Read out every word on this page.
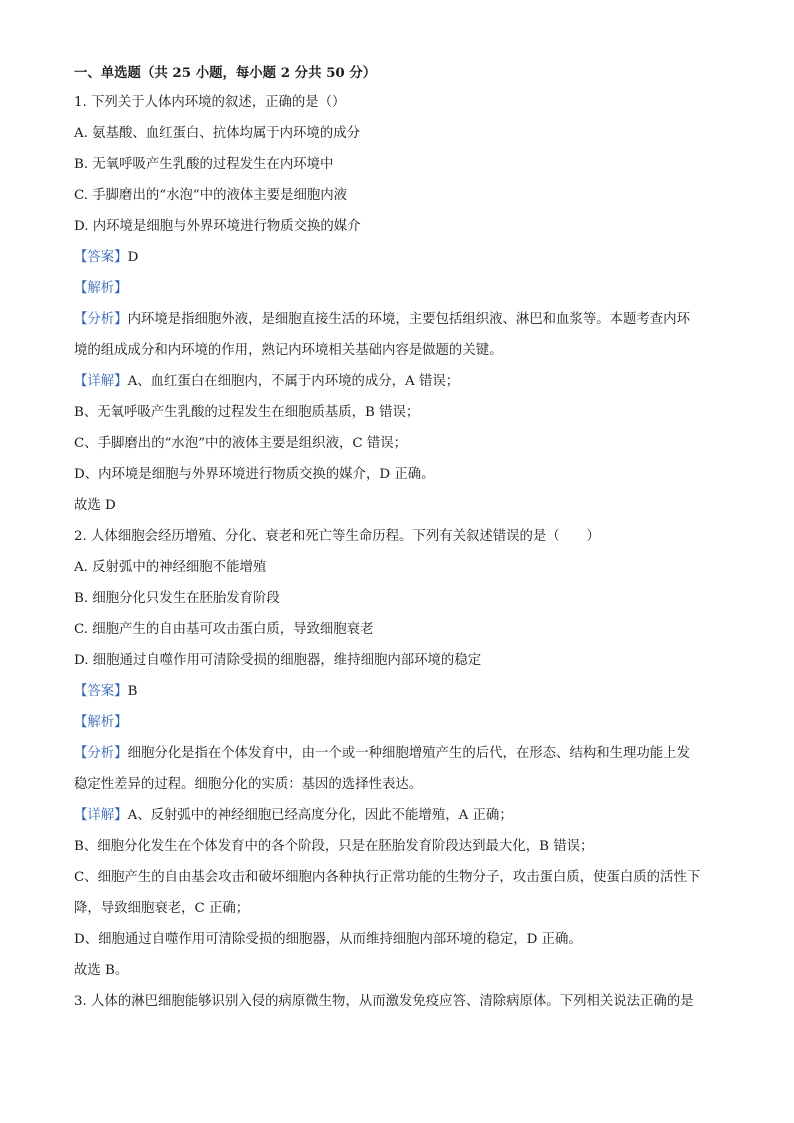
一、单选题（共 25 小题，每小题 2 分共 50 分）
1. 下列关于人体内环境的叙述，正确的是（）
A. 氨基酸、血红蛋白、抗体均属于内环境的成分
B. 无氧呼吸产生乳酸的过程发生在内环境中
C. 手脚磨出的“水泡”中的液体主要是细胞内液
D. 内环境是细胞与外界环境进行物质交换的媒介
【答案】D
【解析】
【分析】内环境是指细胞外液，是细胞直接生活的环境，主要包括组织液、淋巴和血浆等。本题考查内环
境的组成成分和内环境的作用，熟记内环境相关基础内容是做题的关键。
【详解】A、血红蛋白在细胞内，不属于内环境的成分，A 错误；
B、无氧呼吸产生乳酸的过程发生在细胞质基质，B 错误；
C、手脚磨出的“水泡”中的液体主要是组织液，C 错误；
D、内环境是细胞与外界环境进行物质交换的媒介，D 正确。
故选 D
2. 人体细胞会经历增殖、分化、衰老和死亡等生命历程。下列有关叙述错误的是（　　）
A. 反射弧中的神经细胞不能增殖
B. 细胞分化只发生在胚胎发育阶段
C. 细胞产生的自由基可攻击蛋白质，导致细胞衰老
D. 细胞通过自噬作用可清除受损的细胞器，维持细胞内部环境的稳定
【答案】B
【解析】
【分析】细胞分化是指在个体发育中，由一个或一种细胞增殖产生的后代，在形态、结构和生理功能上发
稳定性差异的过程。细胞分化的实质：基因的选择性表达。
【详解】A、反射弧中的神经细胞已经高度分化，因此不能增殖，A 正确；
B、细胞分化发生在个体发育中的各个阶段，只是在胚胎发育阶段达到最大化，B 错误；
C、细胞产生的自由基会攻击和破坏细胞内各种执行正常功能的生物分子，攻击蛋白质，使蛋白质的活性下
降，导致细胞衰老，C 正确；
D、细胞通过自噬作用可清除受损的细胞器，从而维持细胞内部环境的稳定，D 正确。
故选 B。
3. 人体的淋巴细胞能够识别入侵的病原微生物，从而激发免疫应答、清除病原体。下列相关说法正确的是
